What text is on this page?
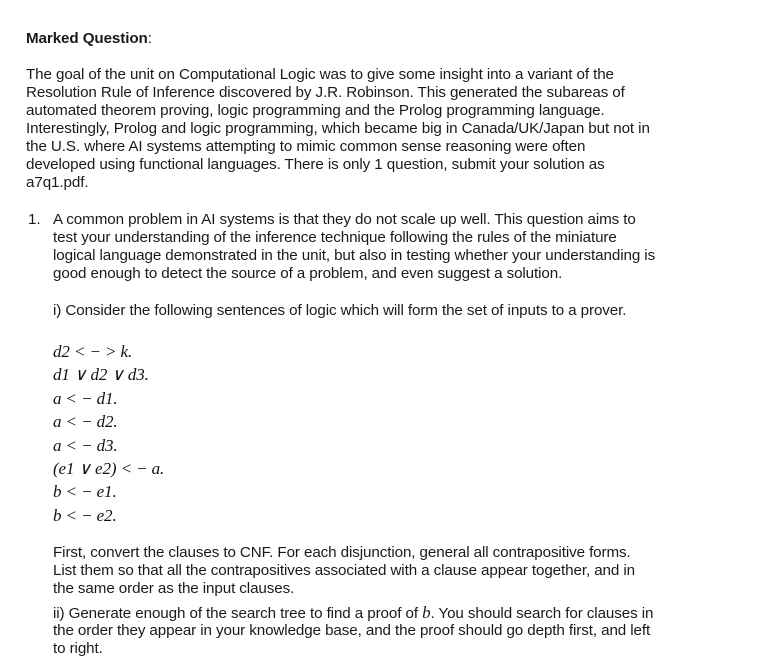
Marked Question:
The goal of the unit on Computational Logic was to give some insight into a variant of the
Resolution Rule of Inference discovered by J.R. Robinson. This generated the subareas of
automated theorem proving, logic programming and the Prolog programming language.
Interestingly, Prolog and logic programming, which became big in Canada/UK/Japan but not in
the U.S. where AI systems attempting to mimic common sense reasoning were often
developed using functional languages. There is only 1 question, submit your solution as
a7q1.pdf.
1. A common problem in AI systems is that they do not scale up well. This question aims to
test your understanding of the inference technique following the rules of the miniature
logical language demonstrated in the unit, but also in testing whether your understanding is
good enough to detect the source of a problem, and even suggest a solution.
i) Consider the following sentences of logic which will form the set of inputs to a prover.
d2 < − > k.
d1 ∨ d2 ∨ d3.
a < − d1.
a < − d2.
a < − d3.
(e1 ∨ e2) < − a.
b < − e1.
b < − e2.
First, convert the clauses to CNF. For each disjunction, general all contrapositive forms.
List them so that all the contrapositives associated with a clause appear together, and in
the same order as the input clauses.
ii) Generate enough of the search tree to find a proof of b. You should search for clauses in
the order they appear in your knowledge base, and the proof should go depth first, and left
to right.
